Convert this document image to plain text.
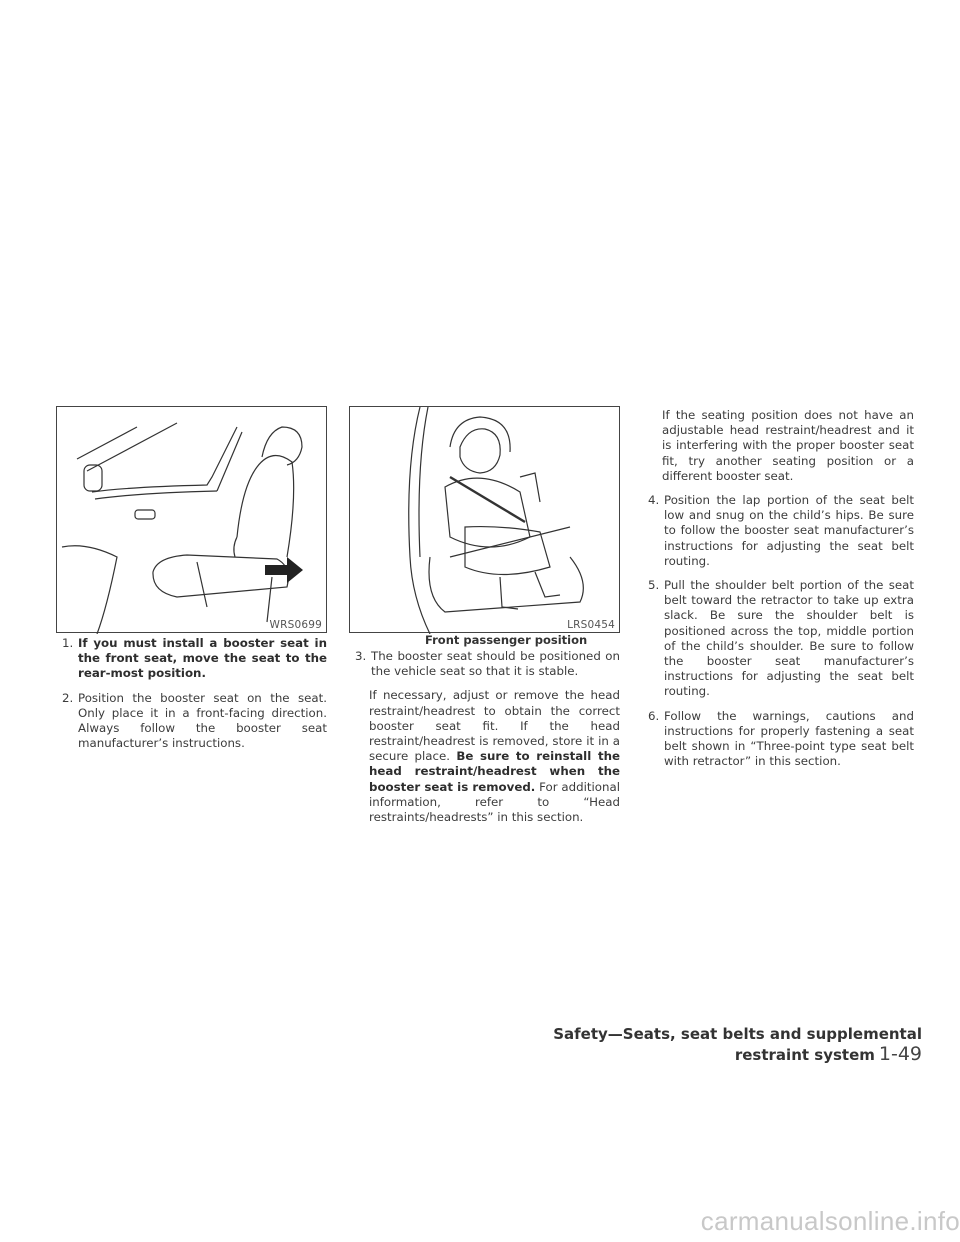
WRS0699	LRS0454
Front passenger position
1. If you must install a booster seat in the front seat, move the seat to the rear-most position.
2. Position the booster seat on the seat. Only place it in a front-facing direction. Always follow the booster seat manufacturer’s instructions.
3. The booster seat should be positioned on the vehicle seat so that it is stable.
If necessary, adjust or remove the head restraint/headrest to obtain the correct booster seat fit. If the head restraint/headrest is removed, store it in a secure place. Be sure to reinstall the head restraint/headrest when the booster seat is removed. For additional information, refer to “Head restraints/headrests” in this section.
If the seating position does not have an adjustable head restraint/headrest and it is interfering with the proper booster seat fit, try another seating position or a different booster seat.
4. Position the lap portion of the seat belt low and snug on the child’s hips. Be sure to follow the booster seat manufacturer’s instructions for adjusting the seat belt routing.
5. Pull the shoulder belt portion of the seat belt toward the retractor to take up extra slack. Be sure the shoulder belt is positioned across the top, middle portion of the child’s shoulder. Be sure to follow the booster seat manufacturer’s instructions for adjusting the seat belt routing.
6. Follow the warnings, cautions and instructions for properly fastening a seat belt shown in “Three-point type seat belt with retractor” in this section.
Safety—Seats, seat belts and supplemental restraint system 1-49
carmanualsonline.info
